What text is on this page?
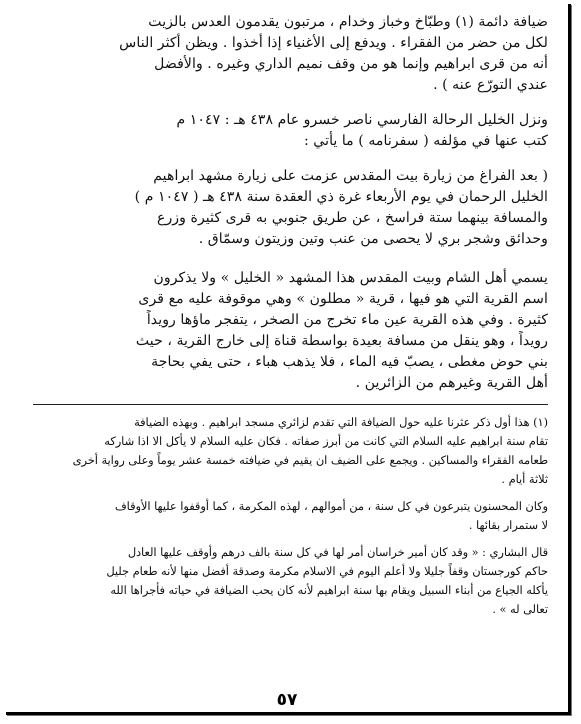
ضيافة دائمة (١) وطبّاخ وخباز وخدام ، مرتبون يقدمون العدس بالزيت
لكل من حضر من الفقراء . ويدفع إلى الأغنياء إذا أخذوا . ويظن أكثر الناس
أنه من قرى ابراهيم وإنما هو من وقف نميم الداري وغيره . والأفضل
عندي التورّع عنه ) .

ونزل الخليل الرحالة الفارسي ناصر خسرو عام ٤٣٨ هـ : ١٠٤٧ م
كتب عنها في مؤلفه ( سفرنامه ) ما يأتي :

( بعد الفراغ من زيارة بيت المقدس عزمت على زيارة مشهد ابراهيم
الخليل الرحمان في يوم الأربعاء غرة ذي العقدة سنة ٤٣٨ هـ ( ١٠٤٧ م )
والمسافة بينهما ستة فراسخ ، عن طريق جنوبي به قرى كثيرة وزرع
وحدائق وشجر بري لا يحصى من عنب وتين وزيتون وسمّاق .

يسمي أهل الشام وبيت المقدس هذا المشهد « الخليل » ولا يذكرون
اسم القرية التي هو فيها ، قرية « مطلون » وهي موقوفة عليه مع قرى
كثيرة . وفي هذه القرية عين ماء تخرج من الصخر ، يتفجر ماؤها رويداً
رويداً ، وهو ينقل من مسافة بعيدة بواسطة قناة إلى خارج القرية ، حيث
بني حوض مغطى ، يصبّ فيه الماء ، فلا يذهب هباء ، حتى يفي بحاجة
أهل القرية وغيرهم من الزائرين .

(١) هذا أول ذكر عثرنا عليه حول الضيافة التي تقدم لزائري مسجد ابراهيم . وبهذه الضيافة
تقام سنة ابراهيم عليه السلام التي كانت من أبرز صفاته . فكان عليه السلام لا يأكل الا اذا شاركه
طعامه الفقراء والمساكين . ويجمع على الضيف ان يقيم في ضيافته خمسة عشر يوماً وعلى رواية أخرى
ثلاثة أيام .
وكان المحسنون يتبرعون في كل سنة ، من أموالهم ، لهذه المكرمة ، كما أوقفوا عليها الأوقاف
لا ستمرار بقائها .
قال البشاري : « وقد كان أمير خراسان أمر لها في كل سنة بالف درهم وأوقف عليها العادل
حاكم كورجستان وقفاً جليلا ولا أعلم اليوم في الاسلام مكرمة وصدقة أفضل منها لأنه طعام جليل
يأكله الجياع من أبناء السبيل ويقام بها سنة ابراهيم لأنه كان يحب الضيافة في حياته فأجراها الله
تعالى له » .
٥٧
